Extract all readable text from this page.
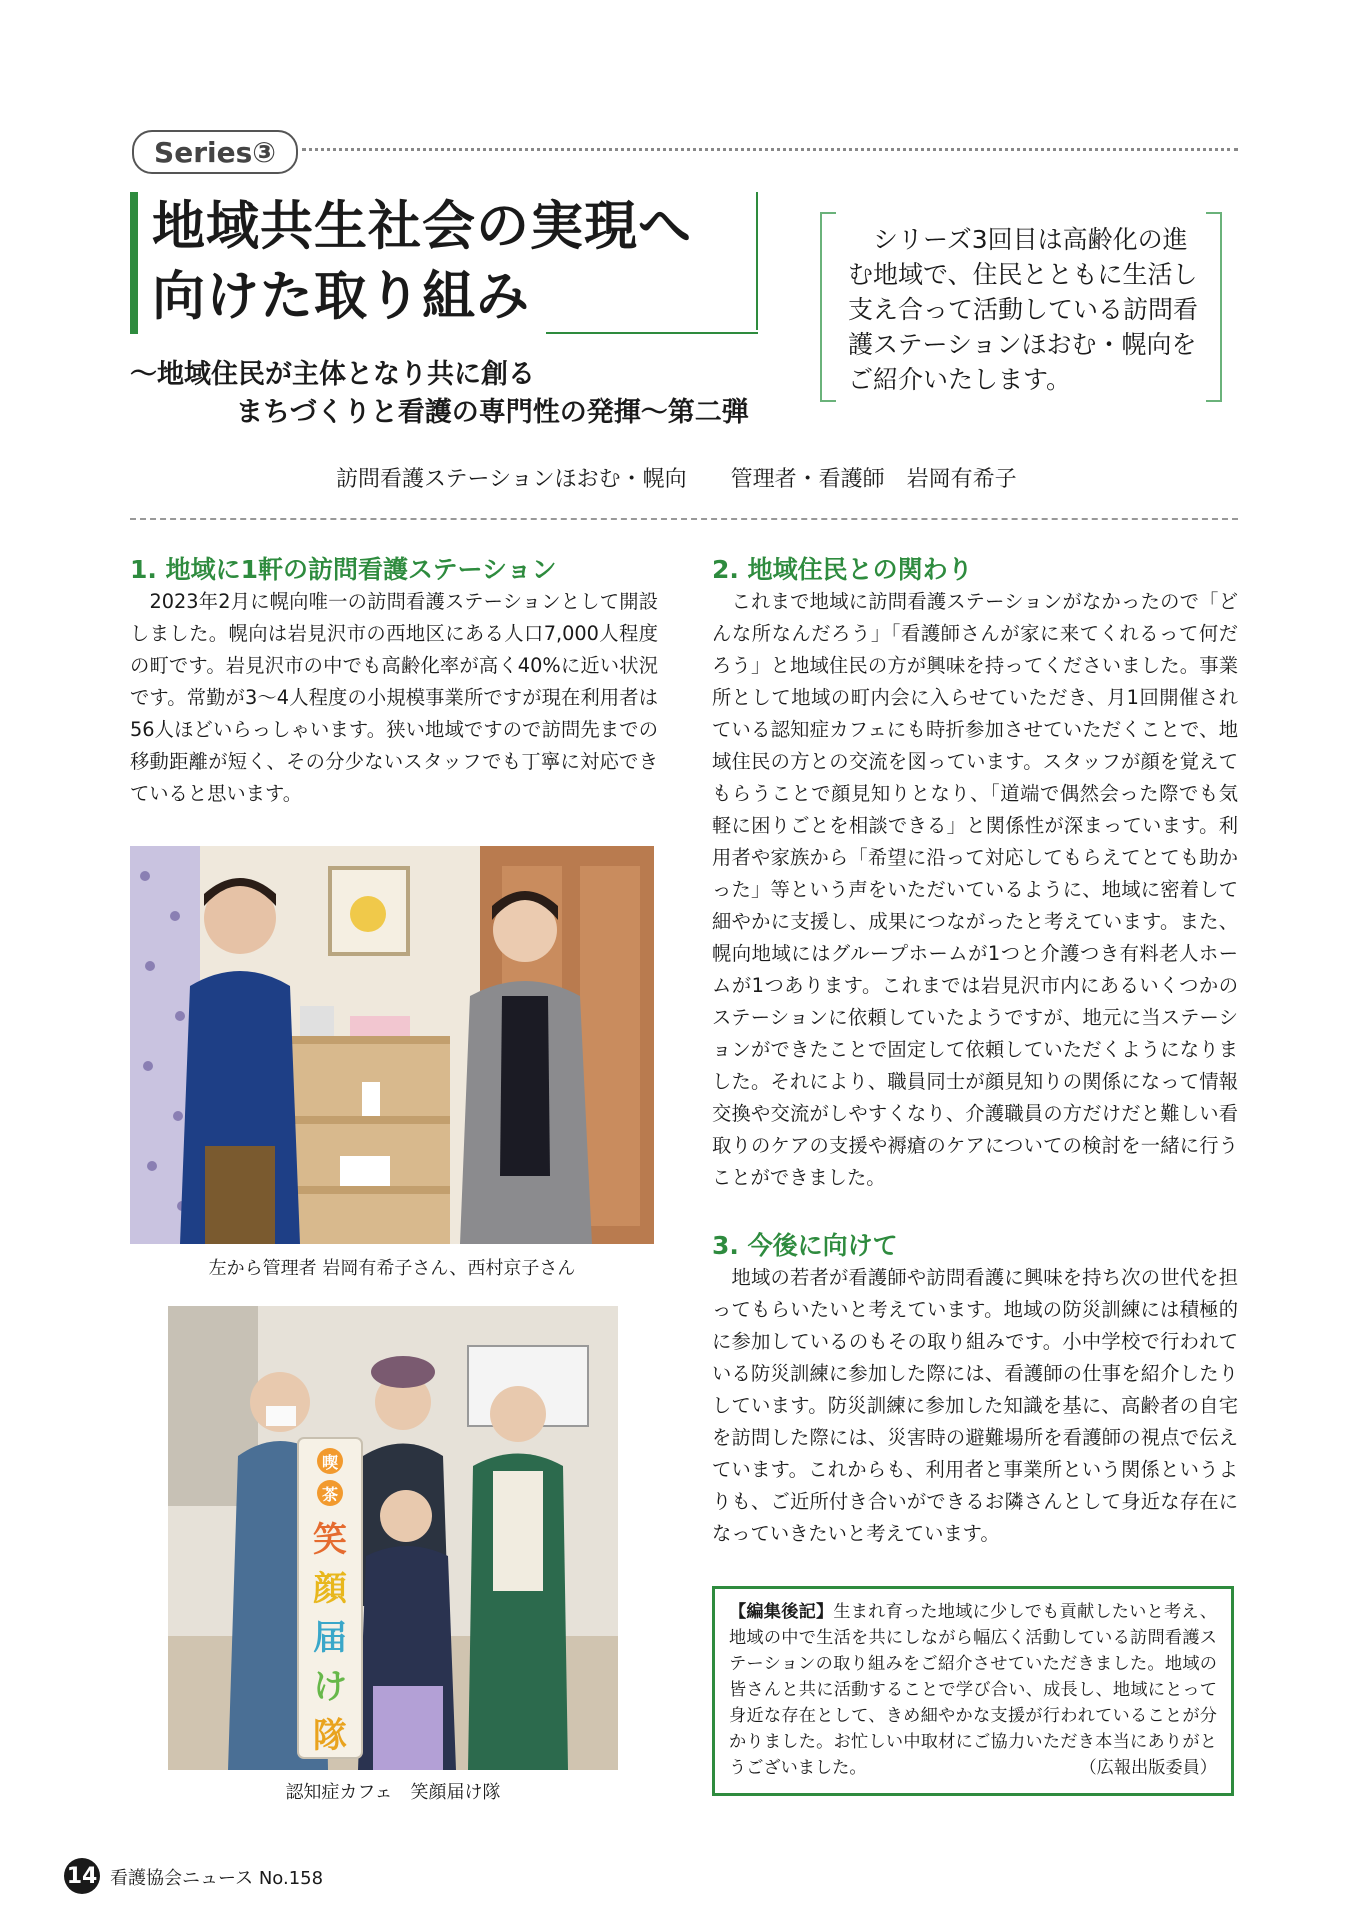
Series ③
地域共生社会の実現へ
向けた取り組み
～地域住民が主体となり共に創る
まちづくりと看護の専門性の発揮～第二弾
　シリーズ3回目は高齢化の進む地域で、住民とともに生活し支え合って活動している訪問看護ステーションほおむ・幌向をご紹介いたします。
訪問看護ステーションほおむ・幌向　　管理者・看護師　岩岡有希子
1. 地域に1軒の訪問看護ステーション
　2023年2月に幌向唯一の訪問看護ステーションとして開設しました。幌向は岩見沢市の西地区にある人口7,000人程度の町です。岩見沢市の中でも高齢化率が高く40%に近い状況です。常勤が3～4人程度の小規模事業所ですが現在利用者は56人ほどいらっしゃいます。狭い地域ですので訪問先までの移動距離が短く、その分少ないスタッフでも丁寧に対応できていると思います。
左から管理者 岩岡有希子さん、西村京子さん
喫
茶
笑
顔
届
け
隊
認知症カフェ　笑顔届け隊
2. 地域住民との関わり
　これまで地域に訪問看護ステーションがなかったので「どんな所なんだろう」「看護師さんが家に来てくれるって何だろう」と地域住民の方が興味を持ってくださいました。事業所として地域の町内会に入らせていただき、月1回開催されている認知症カフェにも時折参加させていただくことで、地域住民の方との交流を図っています。スタッフが顔を覚えてもらうことで顔見知りとなり、「道端で偶然会った際でも気軽に困りごとを相談できる」と関係性が深まっています。利用者や家族から「希望に沿って対応してもらえてとても助かった」等という声をいただいているように、地域に密着して細やかに支援し、成果につながったと考えています。また、幌向地域にはグループホームが1つと介護つき有料老人ホームが1つあります。これまでは岩見沢市内にあるいくつかのステーションに依頼していたようですが、地元に当ステーションができたことで固定して依頼していただくようになりました。それにより、職員同士が顔見知りの関係になって情報交換や交流がしやすくなり、介護職員の方だけだと難しい看取りのケアの支援や褥瘡のケアについての検討を一緒に行うことができました。
3. 今後に向けて
　地域の若者が看護師や訪問看護に興味を持ち次の世代を担ってもらいたいと考えています。地域の防災訓練には積極的に参加しているのもその取り組みです。小中学校で行われている防災訓練に参加した際には、看護師の仕事を紹介したりしています。防災訓練に参加した知識を基に、高齢者の自宅を訪問した際には、災害時の避難場所を看護師の視点で伝えています。これからも、利用者と事業所という関係というよりも、ご近所付き合いができるお隣さんとして身近な存在になっていきたいと考えています。
【編集後記】生まれ育った地域に少しでも貢献したいと考え、地域の中で生活を共にしながら幅広く活動している訪問看護ステーションの取り組みをご紹介させていただきました。地域の皆さんと共に活動することで学び合い、成長し、地域にとって身近な存在として、きめ細やかな支援が行われていることが分かりました。お忙しい中取材にご協力いただき本当にありがとうございました。	（広報出版委員）
14 看護協会ニュース No.158
